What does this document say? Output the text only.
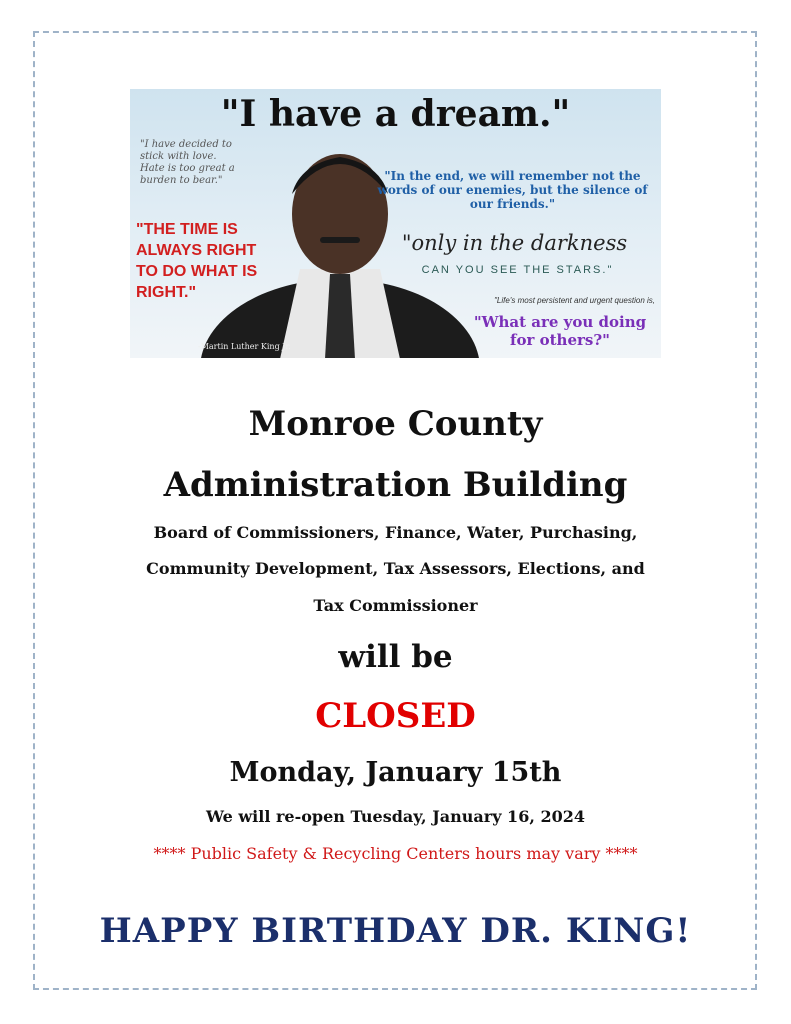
"I have a dream."
"I have decided to stick with love. Hate is too great a burden to bear."
"THE TIME IS ALWAYS RIGHT TO DO WHAT IS RIGHT."
"In the end, we will remember not the words of our enemies, but the silence of our friends."
"only in the darkness
CAN YOU SEE THE STARS."
"Life's most persistent and urgent question is,
"What are you doing for others?"
-Martin Luther King Jr.
Monroe County
Administration Building
Board of Commissioners, Finance, Water, Purchasing,
Community Development, Tax Assessors, Elections, and
Tax Commissioner
will be
CLOSED
Monday, January 15th
We will re-open Tuesday, January 16, 2024
**** Public Safety & Recycling Centers hours may vary ****
HAPPY BIRTHDAY DR. KING!
